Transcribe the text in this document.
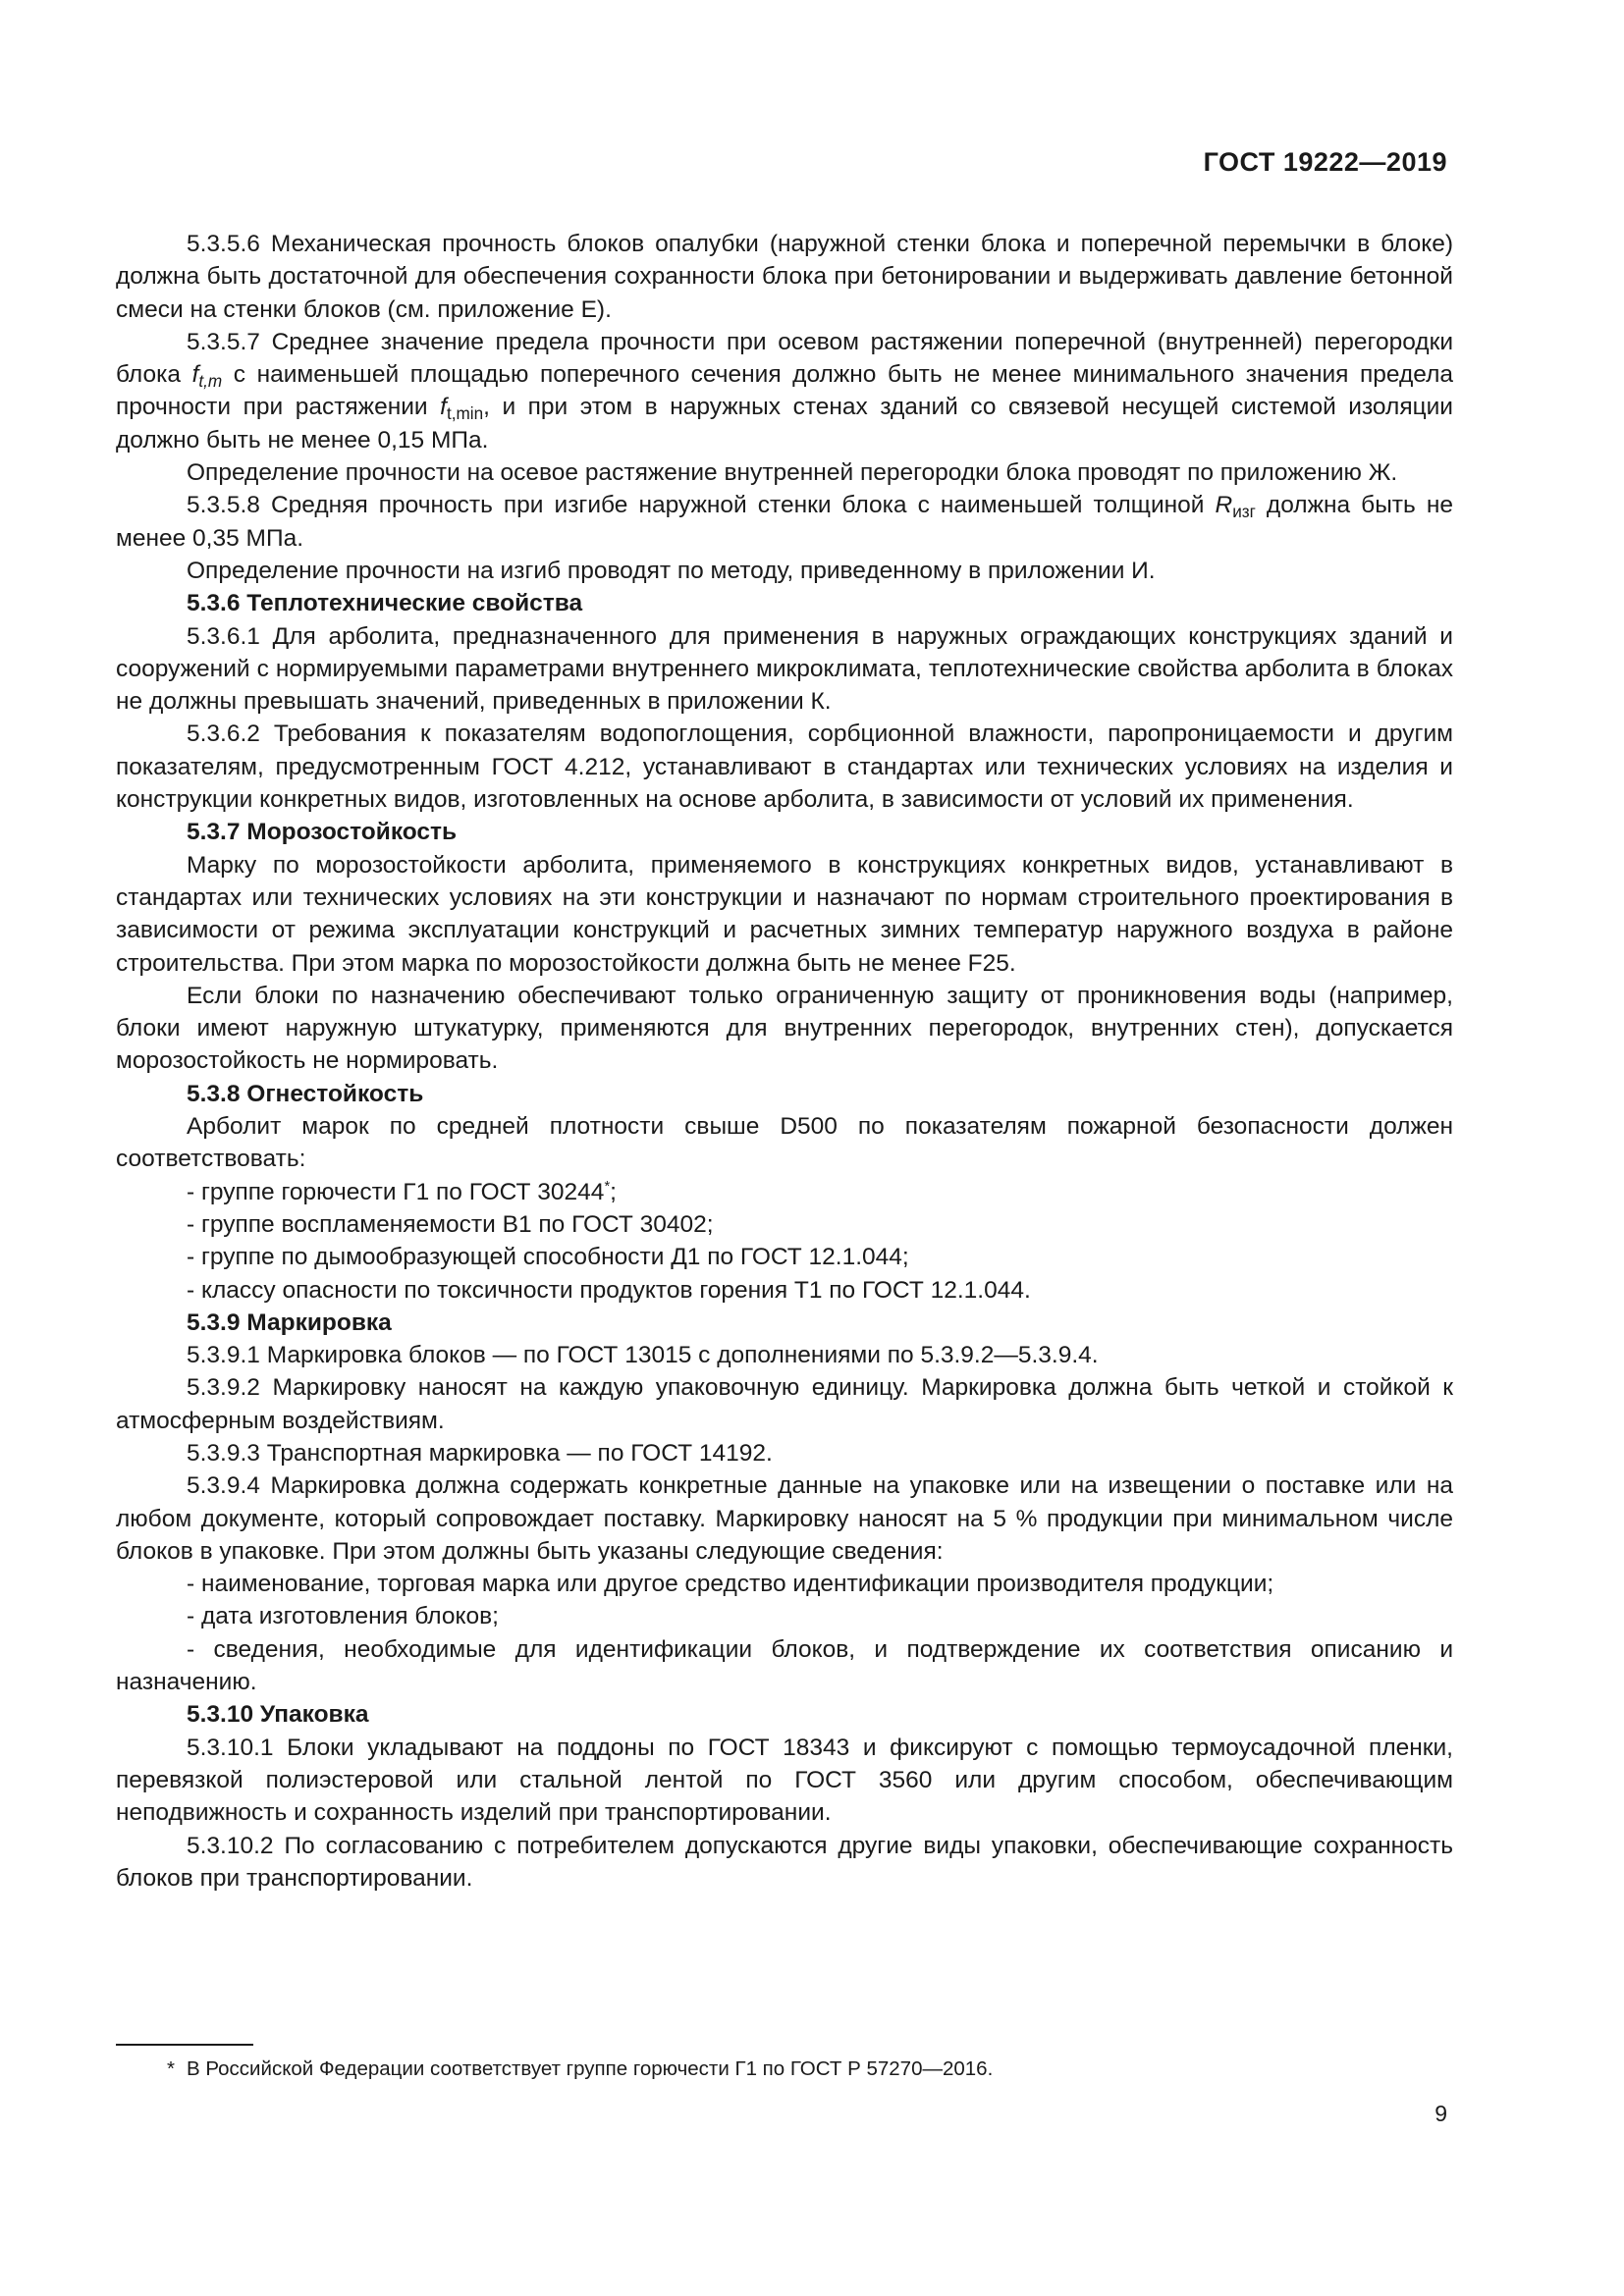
ГОСТ 19222—2019

5.3.5.6 Механическая прочность блоков опалубки (наружной стенки блока и поперечной перемычки в блоке) должна быть достаточной для обеспечения сохранности блока при бетонировании и выдерживать давление бетонной смеси на стенки блоков (см. приложение Е).

5.3.5.7 Среднее значение предела прочности при осевом растяжении поперечной (внутренней) перегородки блока $f_{t,m}$ с наименьшей площадью поперечного сечения должно быть не менее минимального значения предела прочности при растяжении $f_{t,min}$, и при этом в наружных стенах зданий со связевой несущей системой изоляции должно быть не менее 0,15 МПа.

Определение прочности на осевое растяжение внутренней перегородки блока проводят по приложению Ж.

5.3.5.8 Средняя прочность при изгибе наружной стенки блока с наименьшей толщиной $R_{изг}$ должна быть не менее 0,35 МПа.

Определение прочности на изгиб проводят по методу, приведенному в приложении И.

5.3.6 Теплотехнические свойства

5.3.6.1 Для арболита, предназначенного для применения в наружных ограждающих конструкциях зданий и сооружений с нормируемыми параметрами внутреннего микроклимата, теплотехнические свойства арболита в блоках не должны превышать значений, приведенных в приложении К.

5.3.6.2 Требования к показателям водопоглощения, сорбционной влажности, паропроницаемости и другим показателям, предусмотренным ГОСТ 4.212, устанавливают в стандартах или технических условиях на изделия и конструкции конкретных видов, изготовленных на основе арболита, в зависимости от условий их применения.

5.3.7 Морозостойкость

Марку по морозостойкости арболита, применяемого в конструкциях конкретных видов, устанавливают в стандартах или технических условиях на эти конструкции и назначают по нормам строительного проектирования в зависимости от режима эксплуатации конструкций и расчетных зимних температур наружного воздуха в районе строительства. При этом марка по морозостойкости должна быть не менее F25.

Если блоки по назначению обеспечивают только ограниченную защиту от проникновения воды (например, блоки имеют наружную штукатурку, применяются для внутренних перегородок, внутренних стен), допускается морозостойкость не нормировать.

5.3.8 Огнестойкость

Арболит марок по средней плотности свыше D500 по показателям пожарной безопасности должен соответствовать:

- группе горючести Г1 по ГОСТ 30244*;

- группе воспламеняемости В1 по ГОСТ 30402;

- группе по дымообразующей способности Д1 по ГОСТ 12.1.044;

- классу опасности по токсичности продуктов горения Т1 по ГОСТ 12.1.044.

5.3.9 Маркировка

5.3.9.1 Маркировка блоков — по ГОСТ 13015 с дополнениями по 5.3.9.2—5.3.9.4.

5.3.9.2 Маркировку наносят на каждую упаковочную единицу. Маркировка должна быть четкой и стойкой к атмосферным воздействиям.

5.3.9.3 Транспортная маркировка — по ГОСТ 14192.

5.3.9.4 Маркировка должна содержать конкретные данные на упаковке или на извещении о поставке или на любом документе, который сопровождает поставку. Маркировку наносят на 5 % продукции при минимальном числе блоков в упаковке. При этом должны быть указаны следующие сведения:

- наименование, торговая марка или другое средство идентификации производителя продукции;

- дата изготовления блоков;

- сведения, необходимые для идентификации блоков, и подтверждение их соответствия описанию и назначению.

5.3.10 Упаковка

5.3.10.1 Блоки укладывают на поддоны по ГОСТ 18343 и фиксируют с помощью термоусадочной пленки, перевязкой полиэстеровой или стальной лентой по ГОСТ 3560 или другим способом, обеспечивающим неподвижность и сохранность изделий при транспортировании.

5.3.10.2 По согласованию с потребителем допускаются другие виды упаковки, обеспечивающие сохранность блоков при транспортировании.

* В Российской Федерации соответствует группе горючести Г1 по ГОСТ Р 57270—2016.
9
